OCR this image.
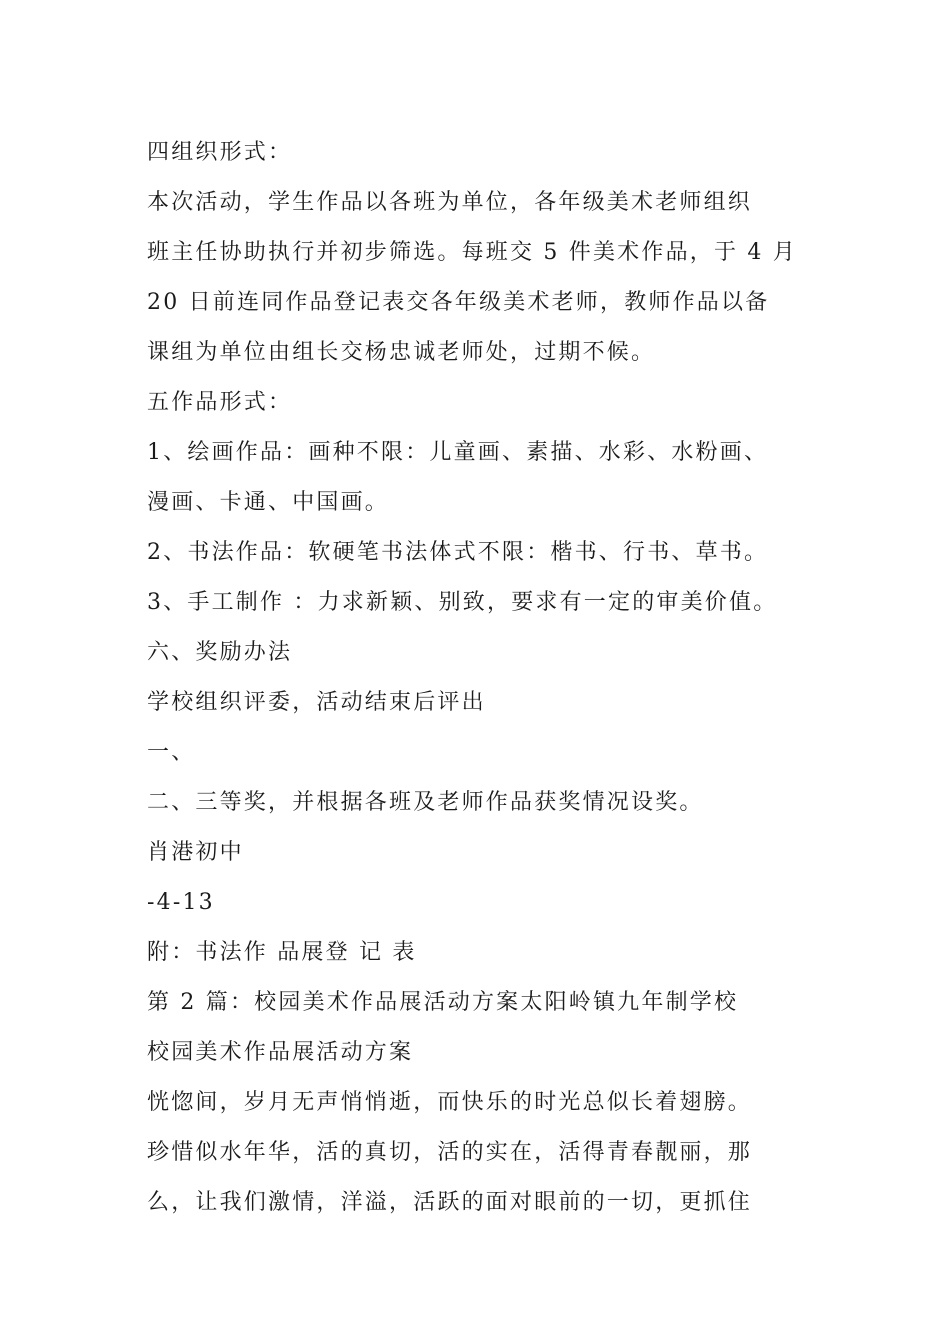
四组织形式：
本次活动，学生作品以各班为单位，各年级美术老师组织
班主任协助执行并初步筛选。每班交 5 件美术作品，于 4 月
20 日前连同作品登记表交各年级美术老师，教师作品以备
课组为单位由组长交杨忠诚老师处，过期不候。
五作品形式：
1、绘画作品：画种不限：儿童画、素描、水彩、水粉画、
漫画、卡通、中国画。
2、书法作品：软硬笔书法体式不限：楷书、行书、草书。
3、手工制作 ：力求新颖、别致，要求有一定的审美价值。
六、奖励办法
学校组织评委，活动结束后评出
一、
二、三等奖，并根据各班及老师作品获奖情况设奖。
肖港初中
-4-13
附：书法作 品展登 记 表
第 2 篇：校园美术作品展活动方案太阳岭镇九年制学校
校园美术作品展活动方案
恍惚间，岁月无声悄悄逝，而快乐的时光总似长着翅膀。
珍惜似水年华，活的真切，活的实在，活得青春靓丽，那
么，让我们激情，洋溢，活跃的面对眼前的一切，更抓住
